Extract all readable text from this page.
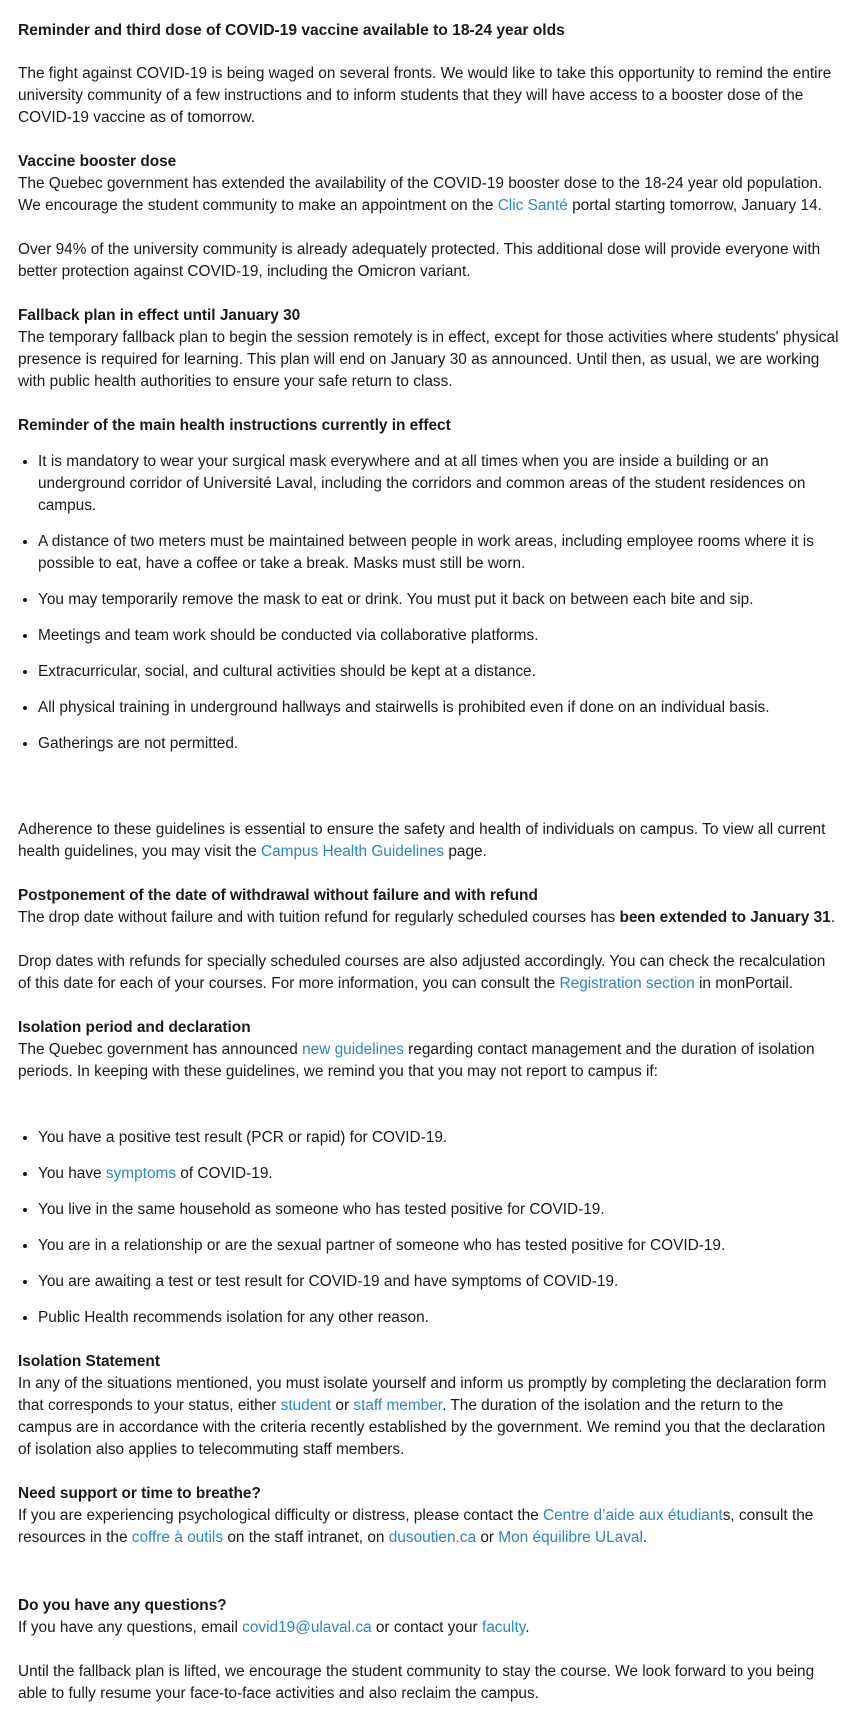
Reminder and third dose of COVID-19 vaccine available to 18-24 year olds

The fight against COVID-19 is being waged on several fronts. We would like to take this opportunity to remind the entire university community of a few instructions and to inform students that they will have access to a booster dose of the COVID-19 vaccine as of tomorrow.

Vaccine booster dose
The Quebec government has extended the availability of the COVID-19 booster dose to the 18-24 year old population. We encourage the student community to make an appointment on the Clic Santé portal starting tomorrow, January 14.

Over 94% of the university community is already adequately protected. This additional dose will provide everyone with better protection against COVID-19, including the Omicron variant.

Fallback plan in effect until January 30
The temporary fallback plan to begin the session remotely is in effect, except for those activities where students' physical presence is required for learning. This plan will end on January 30 as announced. Until then, as usual, we are working with public health authorities to ensure your safe return to class.

Reminder of the main health instructions currently in effect
• It is mandatory to wear your surgical mask everywhere and at all times when you are inside a building or an underground corridor of Université Laval, including the corridors and common areas of the student residences on campus.
• A distance of two meters must be maintained between people in work areas, including employee rooms where it is possible to eat, have a coffee or take a break. Masks must still be worn.
• You may temporarily remove the mask to eat or drink. You must put it back on between each bite and sip.
• Meetings and team work should be conducted via collaborative platforms.
• Extracurricular, social, and cultural activities should be kept at a distance.
• All physical training in underground hallways and stairwells is prohibited even if done on an individual basis.
• Gatherings are not permitted.

Adherence to these guidelines is essential to ensure the safety and health of individuals on campus. To view all current health guidelines, you may visit the Campus Health Guidelines page.

Postponement of the date of withdrawal without failure and with refund
The drop date without failure and with tuition refund for regularly scheduled courses has been extended to January 31.

Drop dates with refunds for specially scheduled courses are also adjusted accordingly. You can check the recalculation of this date for each of your courses. For more information, you can consult the Registration section in monPortail.

Isolation period and declaration
The Quebec government has announced new guidelines regarding contact management and the duration of isolation periods. In keeping with these guidelines, we remind you that you may not report to campus if:
• You have a positive test result (PCR or rapid) for COVID-19.
• You have symptoms of COVID-19.
• You live in the same household as someone who has tested positive for COVID-19.
• You are in a relationship or are the sexual partner of someone who has tested positive for COVID-19.
• You are awaiting a test or test result for COVID-19 and have symptoms of COVID-19.
• Public Health recommends isolation for any other reason.

Isolation Statement
In any of the situations mentioned, you must isolate yourself and inform us promptly by completing the declaration form that corresponds to your status, either student or staff member. The duration of the isolation and the return to the campus are in accordance with the criteria recently established by the government. We remind you that the declaration of isolation also applies to telecommuting staff members.

Need support or time to breathe?
If you are experiencing psychological difficulty or distress, please contact the Centre d’aide aux étudiants, consult the resources in the coffre à outils on the staff intranet, on dusoutien.ca or Mon équilibre ULaval.

Do you have any questions?
If you have any questions, email covid19@ulaval.ca or contact your faculty.

Until the fallback plan is lifted, we encourage the student community to stay the course. We look forward to you being able to fully resume your face-to-face activities and also reclaim the campus.
